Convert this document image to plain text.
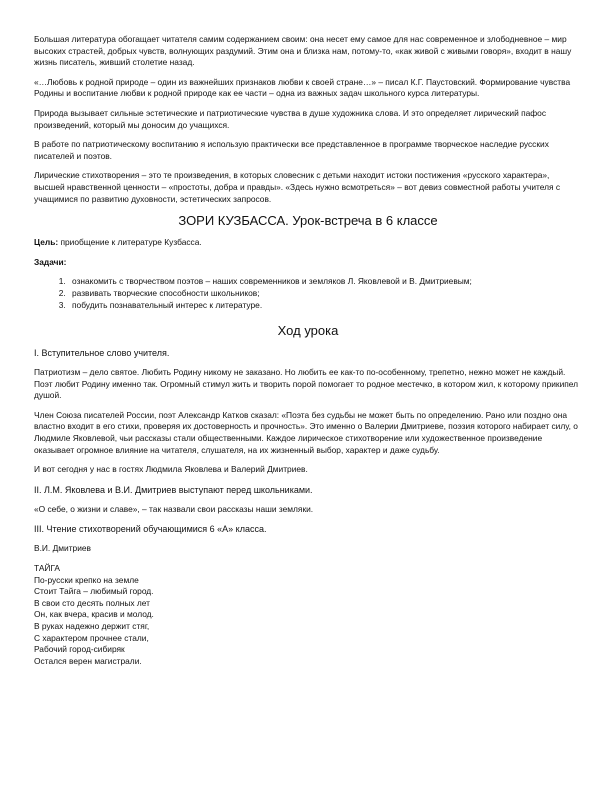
Большая литература обогащает читателя самим содержанием своим: она несет ему самое для нас современное и злободневное – мир высоких страстей, добрых чувств, волнующих раздумий. Этим она и близка нам, потому-то, «как живой с живыми говоря», входит в нашу жизнь писатель, живший столетие назад.

«…Любовь к родной природе – один из важнейших признаков любви к своей стране…» – писал К.Г. Паустовский. Формирование чувства Родины и воспитание любви к родной природе как ее части – одна из важных задач школьного курса литературы.

Природа вызывает сильные эстетические и патриотические чувства в душе художника слова. И это определяет лирический пафос произведений, который мы доносим до учащихся.

В работе по патриотическому воспитанию я использую практически все представленное в программе творческое наследие русских писателей и поэтов.

Лирические стихотворения – это те произведения, в которых словесник с детьми находит истоки постижения «русского характера», высшей нравственной ценности – «простоты, добра и правды». «Здесь нужно всмотреться» – вот девиз совместной работы учителя с учащимися по развитию духовности, эстетических запросов.

ЗОРИ КУЗБАССА. Урок-встреча в 6 классе

Цель: приобщение к литературе Кузбасса.

Задачи:

1. ознакомить с творчеством поэтов – наших современников и земляков Л. Яковлевой и В. Дмитриевым;
2. развивать творческие способности школьников;
3. побудить познавательный интерес к литературе.
Ход урока
I. Вступительное слово учителя.

Патриотизм – дело святое. Любить Родину никому не заказано. Но любить ее как-то по-особенному, трепетно, нежно может не каждый. Поэт любит Родину именно так. Огромный стимул жить и творить порой помогает то родное местечко, в котором жил, к которому прикипел душой.

Член Союза писателей России, поэт Александр Катков сказал: «Поэта без судьбы не может быть по определению. Рано или поздно она властно входит в его стихи, проверяя их достоверность и прочность». Это именно о Валерии Дмитриеве, поэзия которого набирает силу, о Людмиле Яковлевой, чьи рассказы стали общественными. Каждое лирическое стихотворение или художественное произведение оказывает огромное влияние на читателя, слушателя, на их жизненный выбор, характер и даже судьбу.

И вот сегодня у нас в гостях Людмила Яковлева и Валерий Дмитриев.

II. Л.М. Яковлева и В.И. Дмитриев выступают перед школьниками.

«О себе, о жизни и славе», – так назвали свои рассказы наши земляки.

III. Чтение стихотворений обучающимися 6 «А» класса.

В.И. Дмитриев

ТАЙГА

По-русски крепко на земле

Стоит Тайга – любимый город.

В свои сто десять полных лет

Он, как вчера, красив и молод.

В руках надежно держит стяг,

С характером прочнее стали,

Рабочий город-сибиряк

Остался верен магистрали.
